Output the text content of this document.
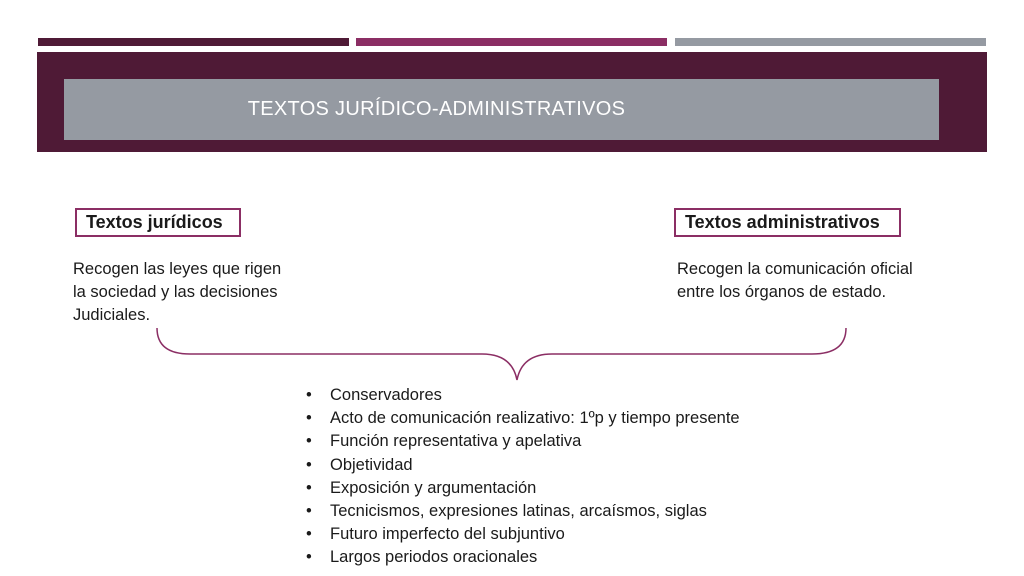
TEXTOS JURÍDICO-ADMINISTRATIVOS
Textos jurídicos
Recogen las leyes que rigen
la sociedad y las decisiones
Judiciales.
Textos administrativos
Recogen la comunicación oficial
entre los órganos de estado.
•	Conservadores
•	Acto de comunicación realizativo: 1ºp y tiempo presente
•	Función representativa y apelativa
•	Objetividad
•	Exposición y argumentación
•	Tecnicismos, expresiones latinas, arcaísmos, siglas
•	Futuro imperfecto del subjuntivo
•	Largos periodos oracionales
